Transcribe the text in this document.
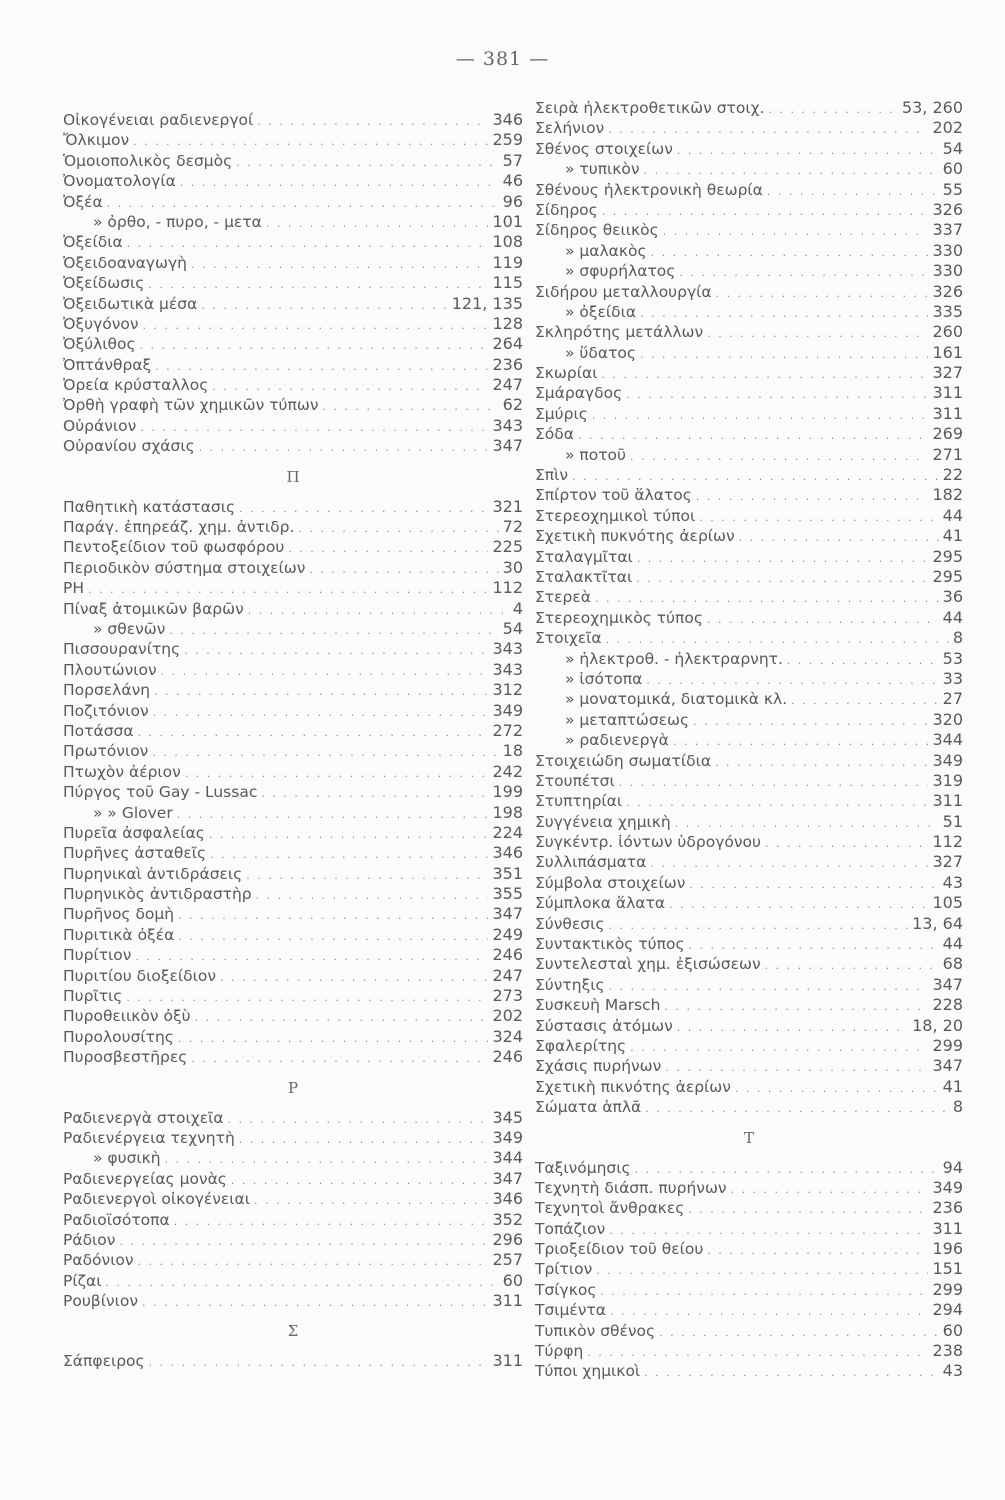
— 381 —
Οἰκογένειαι ραδιενεργοί . . .	346
Ὄλκιμον . . .	259
Ὁμοιοπολικὸς δεσμὸς . . .	57
Ὀνοματολογία . . .	46
Ὀξέα . . .	96
» ὀρθο, - πυρο, - μετα . . .	101
Ὀξείδια . . .	108
Ὀξειδοαναγωγὴ . . .	119
Ὀξείδωσις . . .	115
Ὀξειδωτικὰ μέσα . . .	121, 135
Ὀξυγόνον . . .	128
Ὀξύλιθος . . .	264
Ὀπτάνθραξ . . .	236
Ὀρεία κρύσταλλος . . .	247
Ὀρθὴ γραφὴ τῶν χημικῶν τύπων . . .	62
Οὐράνιον . . .	343
Οὐρανίου σχάσις . . .	347
Π
Παθητικὴ κατάστασις . . .	321
Παράγ. ἐπηρεάζ. χημ. ἀντιδρ. . . .	72
Πεντοξείδιον τοῦ φωσφόρου . . .	225
Περιοδικὸν σύστημα στοιχείων . . .	30
PH . . .	112
Πίναξ ἀτομικῶν βαρῶν . . .	4
» σθενῶν . . .	54
Πισσουρανίτης . . .	343
Πλουτώνιον . . .	343
Πορσελάνη . . .	312
Ποζιτόνιον . . .	349
Ποτάσσα . . .	272
Πρωτόνιον . . .	18
Πτωχὸν ἀέριον . . .	242
Πύργος τοῦ Gay - Lussac . . .	199
» » Glover . . .	198
Πυρεῖα ἀσφαλείας . . .	224
Πυρῆνες ἀσταθεῖς . . .	346
Πυρηνικαὶ ἀντιδράσεις . . .	351
Πυρηνικὸς ἀντιδραστὴρ . . .	355
Πυρῆνος δομὴ . . .	347
Πυριτικὰ ὀξέα . . .	249
Πυρίτιον . . .	246
Πυριτίου διοξείδιον . . .	247
Πυρῖτις . . .	273
Πυροθειικὸν ὀξὺ . . .	202
Πυρολουσίτης . . .	324
Πυροσβεστῆρες . . .	246
Ρ
Ραδιενεργὰ στοιχεῖα . . .	345
Ραδιενέργεια τεχνητὴ . . .	349
» φυσικὴ . . .	344
Ραδιενεργείας μονὰς . . .	347
Ραδιενεργοὶ οἰκογένειαι . . .	346
Ραδιοϊσότοπα . . .	352
Ράδιον . . .	296
Ραδόνιον . . .	257
Ρίζαι . . .	60
Ρουβίνιον . . .	311
Σ
Σάπφειρος . . .	311
Σειρὰ ἠλεκτροθετικῶν στοιχ. . . .	53, 260
Σελήνιον . . .	202
Σθένος στοιχείων . . .	54
» τυπικὸν . . .	60
Σθένους ἠλεκτρονικὴ θεωρία . . .	55
Σίδηρος . . .	326
Σίδηρος θειικὸς . . .	337
» μαλακὸς . . .	330
» σφυρήλατος . . .	330
Σιδήρου μεταλλουργία . . .	326
» ὀξείδια . . .	335
Σκληρότης μετάλλων . . .	260
» ὕδατος . . .	161
Σκωρίαι . . .	327
Σμάραγδος . . .	311
Σμύρις . . .	311
Σόδα . . .	269
» ποτοῦ . . .	271
Σπὶν . . .	22
Σπίρτον τοῦ ἅλατος . . .	182
Στερεοχημικοὶ τύποι . . .	44
Σχετικὴ πυκνότης ἀερίων . . .	41
Σταλαγμῖται . . .	295
Σταλακτῖται . . .	295
Στερεὰ . . .	36
Στερεοχημικὸς τύπος . . .	44
Στοιχεῖα . . .	8
» ἠλεκτροθ. - ἠλεκτραρνητ. . . .	53
» ἰσότοπα . . .	33
» μονατομικά, διατομικὰ κλ. . . .	27
» μεταπτώσεως . . .	320
» ραδιενεργὰ . . .	344
Στοιχειώδη σωματίδια . . .	349
Στουπέτσι . . .	319
Στυπτηρίαι . . .	311
Συγγένεια χημικὴ . . .	51
Συγκέντρ. ἰόντων ὑδρογόνου . . .	112
Συλλιπάσματα . . .	327
Σύμβολα στοιχείων . . .	43
Σύμπλοκα ἅλατα . . .	105
Σύνθεσις . . .	13, 64
Συντακτικὸς τύπος . . .	44
Συντελεσταὶ χημ. ἐξισώσεων . . .	68
Σύντηξις . . .	347
Συσκευὴ Marsch . . .	228
Σύστασις ἀτόμων . . .	18, 20
Σφαλερίτης . . .	299
Σχάσις πυρήνων . . .	347
Σχετικὴ πικνότης ἀερίων . . .	41
Σώματα ἁπλᾶ . . .	8
Τ
Ταξινόμησις . . .	94
Τεχνητὴ διάσπ. πυρήνων . . .	349
Τεχνητοὶ ἄνθρακες . . .	236
Τοπάζιον . . .	311
Τριοξείδιον τοῦ θείου . . .	196
Τρίτιον . . .	151
Τσίγκος . . .	299
Τσιμέντα . . .	294
Τυπικὸν σθένος . . .	60
Τύρφη . . .	238
Τύποι χημικοὶ . . .	43
